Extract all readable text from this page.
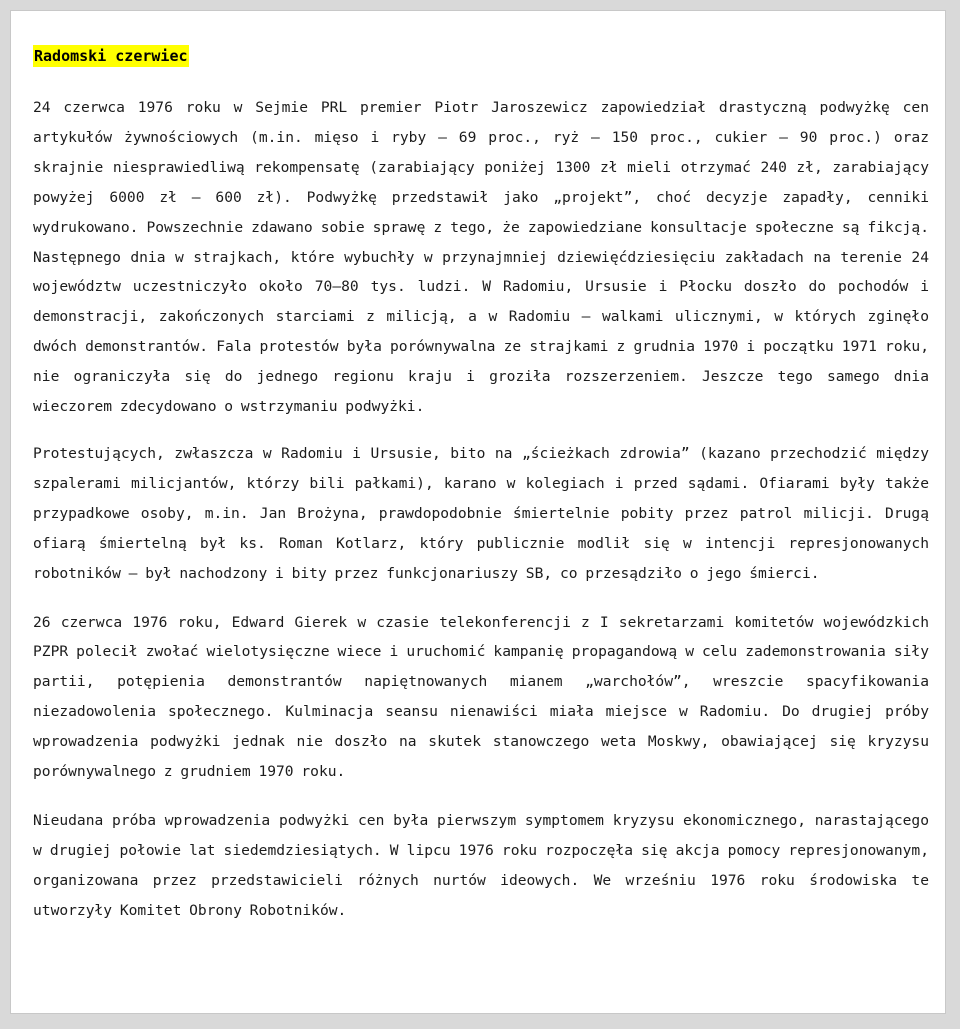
Radomski czerwiec

24 czerwca 1976 roku w Sejmie PRL premier Piotr Jaroszewicz zapowiedział drastyczną podwyżkę cen artykułów żywnościowych (m.in. mięso i ryby – 69 proc., ryż – 150 proc., cukier – 90 proc.) oraz skrajnie niesprawiedliwą rekompensatę (zarabiający poniżej 1300 zł mieli otrzymać 240 zł, zarabiający powyżej 6000 zł – 600 zł). Podwyżkę przedstawił jako „projekt”, choć decyzje zapadły, cenniki wydrukowano. Powszechnie zdawano sobie sprawę z tego, że zapowiedziane konsultacje społeczne są fikcją. Następnego dnia w strajkach, które wybuchły w przynajmniej dziewięćdziesięciu zakładach na terenie 24 województw uczestniczyło około 70–80 tys. ludzi. W Radomiu, Ursusie i Płocku doszło do pochodów i demonstracji, zakończonych starciami z milicją, a w Radomiu – walkami ulicznymi, w których zginęło dwóch demonstrantów. Fala protestów była porównywalna ze strajkami z grudnia 1970 i początku 1971 roku, nie ograniczyła się do jednego regionu kraju i groziła rozszerzeniem. Jeszcze tego samego dnia wieczorem zdecydowano o wstrzymaniu podwyżki.

Protestujących, zwłaszcza w Radomiu i Ursusie, bito na „ścieżkach zdrowia” (kazano przechodzić między szpalerami milicjantów, którzy bili pałkami), karano w kolegiach i przed sądami. Ofiarami były także przypadkowe osoby, m.in. Jan Brożyna, prawdopodobnie śmiertelnie pobity przez patrol milicji. Drugą ofiarą śmiertelną był ks. Roman Kotlarz, który publicznie modlił się w intencji represjonowanych robotników – był nachodzony i bity przez funkcjonariuszy SB, co przesądziło o jego śmierci.

26 czerwca 1976 roku, Edward Gierek w czasie telekonferencji z I sekretarzami komitetów wojewódzkich PZPR polecił zwołać wielotysięczne wiece i uruchomić kampanię propagandową w celu zademonstrowania siły partii, potępienia demonstrantów napiętnowanych mianem „warchołów”, wreszcie spacyfikowania niezadowolenia społecznego. Kulminacja seansu nienawiści miała miejsce w Radomiu. Do drugiej próby wprowadzenia podwyżki jednak nie doszło na skutek stanowczego weta Moskwy, obawiającej się kryzysu porównywalnego z grudniem 1970 roku.

Nieudana próba wprowadzenia podwyżki cen była pierwszym symptomem kryzysu ekonomicznego, narastającego w drugiej połowie lat siedemdziesiątych. W lipcu 1976 roku rozpoczęła się akcja pomocy represjonowanym, organizowana przez przedstawicieli różnych nurtów ideowych. We wrześniu 1976 roku środowiska te utworzyły Komitet Obrony Robotników.
